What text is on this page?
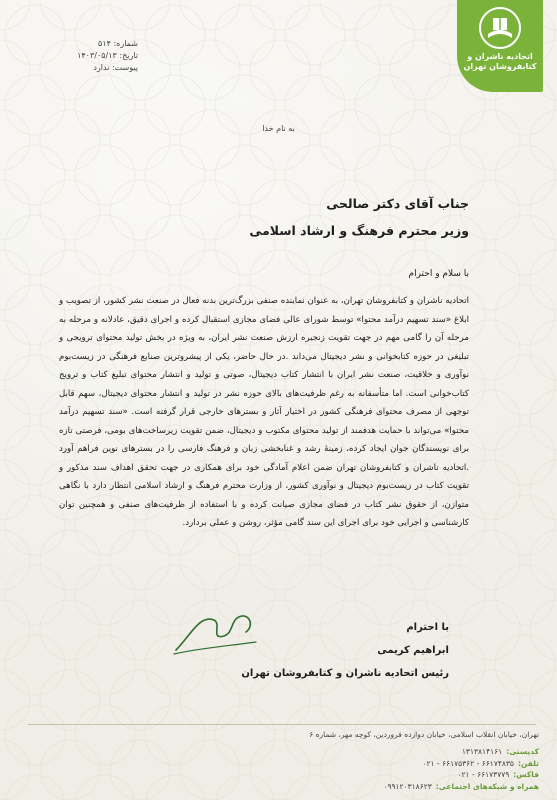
اتحادیه ناشران و کتابفروشان تهران
شماره: ۵۱۴
تاریخ: ۱۴۰۳/۰۵/۱۳
پیوست: ندارد
به نام خدا
جناب آقای دکتر صالحی
وزیر محترم فرهنگ و ارشاد اسلامی
با سلام و احترام
اتحادیه ناشران و کتابفروشان تهران، به عنوان نماینده صنفی بزرگ‌ترین بدنه فعال در صنعت نشر کشور، از تصویب و ابلاغ «سند تسهیم درآمد محتوا» توسط شورای عالی فضای مجازی استقبال کرده و اجرای دقیق، عادلانه و مرحله به مرحله آن را گامی مهم در جهت تقویت زنجیره ارزش صنعت نشر ایران، به ویژه در بخش تولید محتوای ترویجی و تبلیغی در حوزه کتابخوانی و نشر دیجیتال می‌داند .در حال حاضر، یکی از پیشروترین صنایع فرهنگی در زیست‌بوم نوآوری و خلاقیت، صنعت نشر ایران با انتشار کتاب دیجیتال، صوتی و تولید و انتشار محتوای تبلیغ کتاب و ترویج کتاب‌خوانی است. اما متأسفانه به رغم ظرفیت‌های بالای حوزه نشر در تولید و انتشار محتوای دیجیتال، سهم قابل توجهی از مصرف محتوای فرهنگی کشور در اختیار آثار و بسترهای خارجی قرار گرفته است. «سند تسهیم درآمد محتوا» می‌تواند با حمایت هدفمند از تولید محتوای مکتوب و دیجیتال، ضمن تقویت زیرساخت‌های بومی، فرصتی تازه برای نویسندگان جوان ایجاد کرده، زمینهٔ رشد و غنابخشی زبان و فرهنگ فارسی را در بسترهای نوین فراهم آورد .اتحادیه ناشران و کتابفروشان تهران ضمن اعلام آمادگی خود برای همکاری در جهت تحقق اهداف سند مذکور و تقویت کتاب در زیست‌بوم دیجیتال و نوآوری کشور، از وزارت محترم فرهنگ و ارشاد اسلامی انتظار دارد با نگاهی متوازن، از حقوق نشر کتاب در فضای مجازی صیانت کرده و با استفاده از ظرفیت‌های صنفی و همچنین توان کارشناسی و اجرایی خود برای اجرای این سند گامی مؤثر، روشن و عملی بردارد.
با احترام
ابراهیم کریمی
رئیس اتحادیه ناشران و کتابفروشان تهران
تهران، خیابان انقلاب اسلامی، خیابان دوازده فروردین، کوچه مهر، شماره ۶
کدپستی:۱۳۱۳۸۱۴۱۶۱
تلفن:۶۶۱۷۴۸۳۵ - ۶۶۱۷۵۳۶۲ - ۰۲۱
فاکس:۶۶۱۷۳۷۷۹ - ۰۲۱
همراه و شبکه‌های اجتماعی:۰۹۹۱۲۰۳۱۸۶۲۳
